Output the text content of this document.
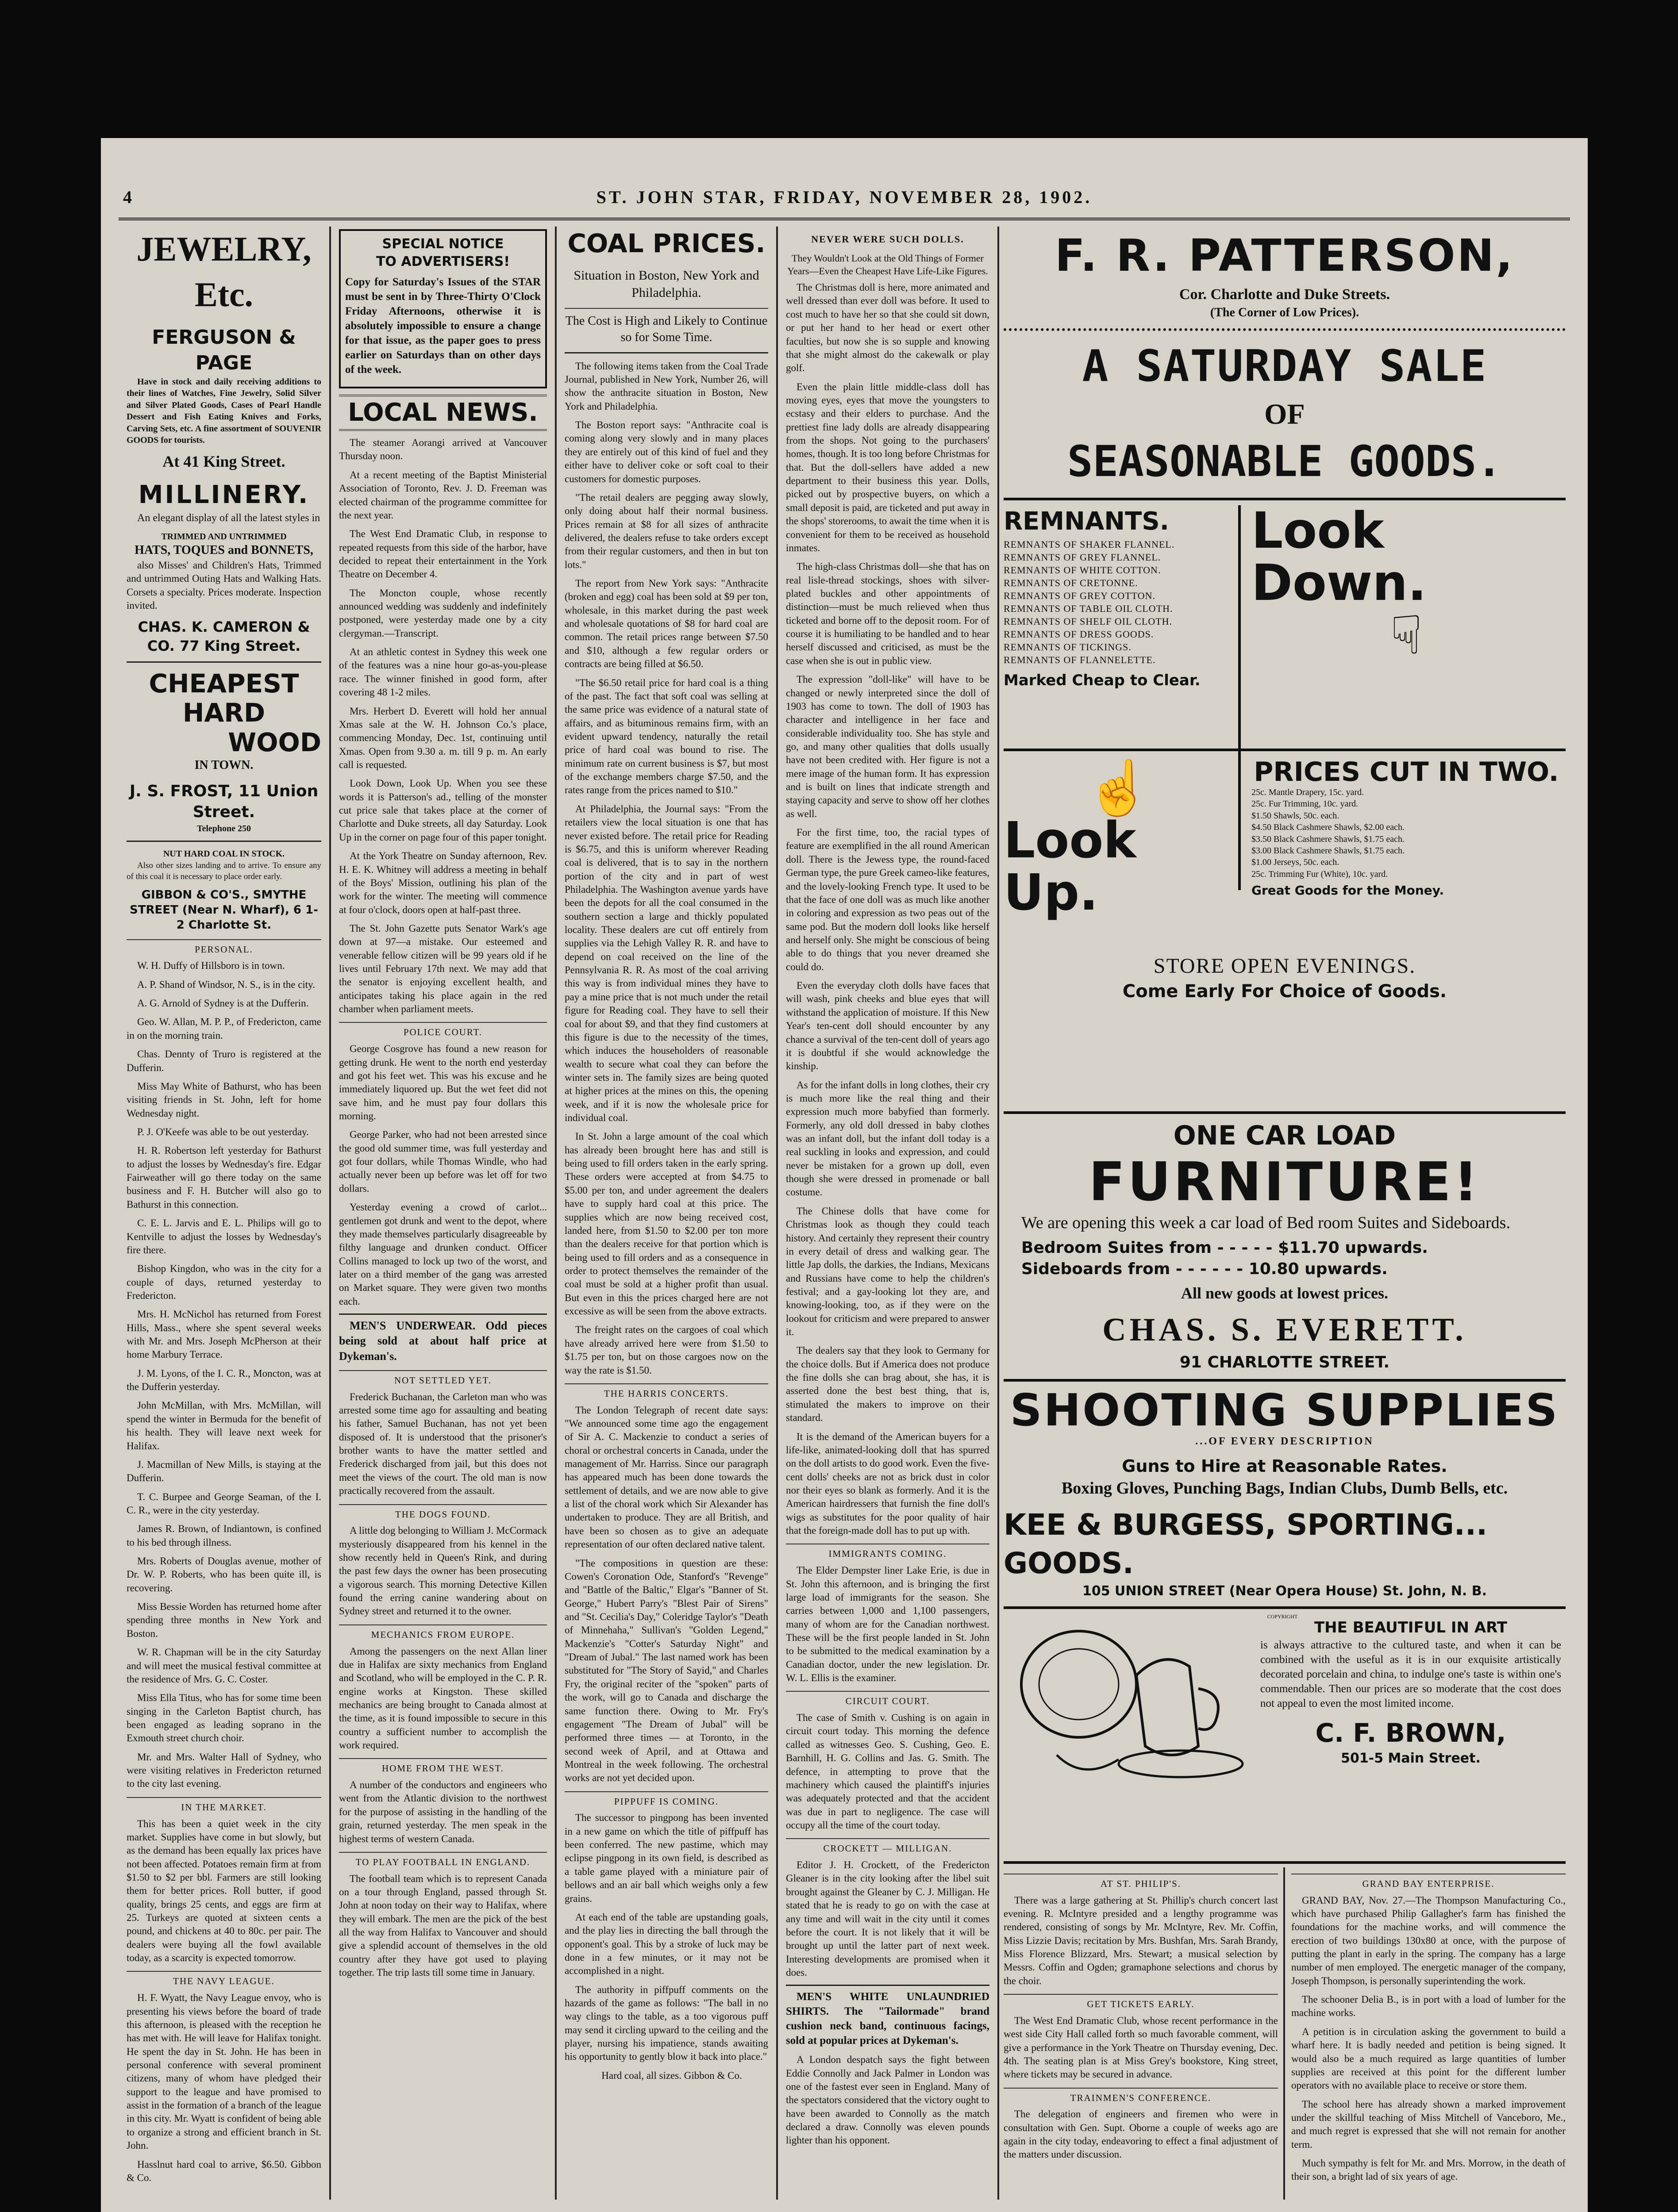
4	ST. JOHN STAR, FRIDAY, NOVEMBER 28, 1902.
JEWELRY, Etc.
FERGUSON & PAGE
Have in stock and daily receiving additions to their lines of Watches, Fine Jewelry, Solid Silver and Silver Plated Goods, Cases of Pearl Handle Dessert and Fish Eating Knives and Forks, Carving Sets, etc. A fine assortment of SOUVENIR GOODS for tourists.
At 41 King Street.
MILLINERY.
An elegant display of all the latest styles in
TRIMMED AND UNTRIMMED
HATS, TOQUES and BONNETS,
also Misses' and Children's Hats, Trimmed and untrimmed Outing Hats and Walking Hats. Corsets a specialty. Prices moderate. Inspection invited.
CHAS. K. CAMERON & CO. 77 King Street.
CHEAPEST
HARD
WOOD
IN TOWN.
J. S. FROST, 11 Union Street.
Telephone 250
NUT HARD COAL IN STOCK.
Also other sizes landing and to arrive. To ensure any of this coal it is necessary to place order early.
GIBBON & CO'S., SMYTHE STREET (Near N. Wharf), 6 1-2 Charlotte St.
PERSONAL.
W. H. Duffy of Hillsboro is in town.
A. P. Shand of Windsor, N. S., is in the city.
A. G. Arnold of Sydney is at the Dufferin.
Geo. W. Allan, M. P. P., of Fredericton, came in on the morning train.
Chas. Dennty of Truro is registered at the Dufferin.
Miss May White of Bathurst, who has been visiting friends in St. John, left for home Wednesday night.
P. J. O'Keefe was able to be out yesterday.
H. R. Robertson left yesterday for Bathurst to adjust the losses by Wednesday's fire. Edgar Fairweather will go there today on the same business and F. H. Butcher will also go to Bathurst in this connection.
C. E. L. Jarvis and E. L. Philips will go to Kentville to adjust the losses by Wednesday's fire there.
Bishop Kingdon, who was in the city for a couple of days, returned yesterday to Fredericton.
Mrs. H. McNichol has returned from Forest Hills, Mass., where she spent several weeks with Mr. and Mrs. Joseph McPherson at their home Marbury Terrace.
J. M. Lyons, of the I. C. R., Moncton, was at the Dufferin yesterday.
John McMillan, with Mrs. McMillan, will spend the winter in Bermuda for the benefit of his health. They will leave next week for Halifax.
J. Macmillan of New Mills, is staying at the Dufferin.
T. C. Burpee and George Seaman, of the I. C. R., were in the city yesterday.
James R. Brown, of Indiantown, is confined to his bed through illness.
Mrs. Roberts of Douglas avenue, mother of Dr. W. P. Roberts, who has been quite ill, is recovering.
Miss Bessie Worden has returned home after spending three months in New York and Boston.
W. R. Chapman will be in the city Saturday and will meet the musical festival committee at the residence of Mrs. G. C. Coster.
Miss Ella Titus, who has for some time been singing in the Carleton Baptist church, has been engaged as leading soprano in the Exmouth street church choir.
Mr. and Mrs. Walter Hall of Sydney, who were visiting relatives in Fredericton returned to the city last evening.
IN THE MARKET.
This has been a quiet week in the city market. Supplies have come in but slowly, but as the demand has been equally lax prices have not been affected. Potatoes remain firm at from $1.50 to $2 per bbl. Farmers are still looking them for better prices. Roll butter, if good quality, brings 25 cents, and eggs are firm at 25. Turkeys are quoted at sixteen cents a pound, and chickens at 40 to 80c. per pair. The dealers were buying all the fowl available today, as a scarcity is expected tomorrow.
THE NAVY LEAGUE.
H. F. Wyatt, the Navy League envoy, who is presenting his views before the board of trade this afternoon, is pleased with the reception he has met with. He will leave for Halifax tonight. He spent the day in St. John. He has been in personal conference with several prominent citizens, many of whom have pledged their support to the league and have promised to assist in the formation of a branch of the league in this city. Mr. Wyatt is confident of being able to organize a strong and efficient branch in St. John.
Hasslnut hard coal to arrive, $6.50. Gibbon & Co.
SPECIAL NOTICE
TO ADVERTISERS!
Copy for Saturday's Issues of the STAR must be sent in by Three-Thirty O'Clock Friday Afternoons, otherwise it is absolutely impossible to ensure a change for that issue, as the paper goes to press earlier on Saturdays than on other days of the week.
LOCAL NEWS.
The steamer Aorangi arrived at Vancouver Thursday noon.
At a recent meeting of the Baptist Ministerial Association of Toronto, Rev. J. D. Freeman was elected chairman of the programme committee for the next year.
The West End Dramatic Club, in response to repeated requests from this side of the harbor, have decided to repeat their entertainment in the York Theatre on December 4.
The Moncton couple, whose recently announced wedding was suddenly and indefinitely postponed, were yesterday made one by a city clergyman.—Transcript.
At an athletic contest in Sydney this week one of the features was a nine hour go-as-you-please race. The winner finished in good form, after covering 48 1-2 miles.
Mrs. Herbert D. Everett will hold her annual Xmas sale at the W. H. Johnson Co.'s place, commencing Monday, Dec. 1st, continuing until Xmas. Open from 9.30 a. m. till 9 p. m. An early call is requested.
Look Down, Look Up. When you see these words it is Patterson's ad., telling of the monster cut price sale that takes place at the corner of Charlotte and Duke streets, all day Saturday. Look Up in the corner on page four of this paper tonight.
At the York Theatre on Sunday afternoon, Rev. H. E. K. Whitney will address a meeting in behalf of the Boys' Mission, outlining his plan of the work for the winter. The meeting will commence at four o'clock, doors open at half-past three.
The St. John Gazette puts Senator Wark's age down at 97—a mistake. Our esteemed and venerable fellow citizen will be 99 years old if he lives until February 17th next. We may add that the senator is enjoying excellent health, and anticipates taking his place again in the red chamber when parliament meets.
POLICE COURT.
George Cosgrove has found a new reason for getting drunk. He went to the north end yesterday and got his feet wet. This was his excuse and he immediately liquored up. But the wet feet did not save him, and he must pay four dollars this morning.
George Parker, who had not been arrested since the good old summer time, was full yesterday and got four dollars, while Thomas Windle, who had actually never been up before was let off for two dollars.
Yesterday evening a crowd of carlot... gentlemen got drunk and went to the depot, where they made themselves particularly disagreeable by filthy language and drunken conduct. Officer Collins managed to lock up two of the worst, and later on a third member of the gang was arrested on Market square. They were given two months each.
MEN'S UNDERWEAR. Odd pieces being sold at about half price at Dykeman's.
NOT SETTLED YET.
Frederick Buchanan, the Carleton man who was arrested some time ago for assaulting and beating his father, Samuel Buchanan, has not yet been disposed of. It is understood that the prisoner's brother wants to have the matter settled and Frederick discharged from jail, but this does not meet the views of the court. The old man is now practically recovered from the assault.
THE DOGS FOUND.
A little dog belonging to William J. McCormack mysteriously disappeared from his kennel in the show recently held in Queen's Rink, and during the past few days the owner has been prosecuting a vigorous search. This morning Detective Killen found the erring canine wandering about on Sydney street and returned it to the owner.
MECHANICS FROM EUROPE.
Among the passengers on the next Allan liner due in Halifax are sixty mechanics from England and Scotland, who will be employed in the C. P. R. engine works at Kingston. These skilled mechanics are being brought to Canada almost at the time, as it is found impossible to secure in this country a sufficient number to accomplish the work required.
HOME FROM THE WEST.
A number of the conductors and engineers who went from the Atlantic division to the northwest for the purpose of assisting in the handling of the grain, returned yesterday. The men speak in the highest terms of western Canada.
TO PLAY FOOTBALL IN ENGLAND.
The football team which is to represent Canada on a tour through England, passed through St. John at noon today on their way to Halifax, where they will embark. The men are the pick of the best all the way from Halifax to Vancouver and should give a splendid account of themselves in the old country after they have got used to playing together. The trip lasts till some time in January.
COAL PRICES.
Situation in Boston, New York and Philadelphia.
The Cost is High and Likely to Continue so for Some Time.
The following items taken from the Coal Trade Journal, published in New York, Number 26, will show the anthracite situation in Boston, New York and Philadelphia.
The Boston report says: "Anthracite coal is coming along very slowly and in many places they are entirely out of this kind of fuel and they either have to deliver coke or soft coal to their customers for domestic purposes.
"The retail dealers are pegging away slowly, only doing about half their normal business. Prices remain at $8 for all sizes of anthracite delivered, the dealers refuse to take orders except from their regular customers, and then in but ton lots."
The report from New York says: "Anthracite (broken and egg) coal has been sold at $9 per ton, wholesale, in this market during the past week and wholesale quotations of $8 for hard coal are common. The retail prices range between $7.50 and $10, although a few regular orders or contracts are being filled at $6.50.
"The $6.50 retail price for hard coal is a thing of the past. The fact that soft coal was selling at the same price was evidence of a natural state of affairs, and as bituminous remains firm, with an evident upward tendency, naturally the retail price of hard coal was bound to rise. The minimum rate on current business is $7, but most of the exchange members charge $7.50, and the rates range from the prices named to $10."
At Philadelphia, the Journal says: "From the retailers view the local situation is one that has never existed before. The retail price for Reading is $6.75, and this is uniform wherever Reading coal is delivered, that is to say in the northern portion of the city and in part of west Philadelphia. The Washington avenue yards have been the depots for all the coal consumed in the southern section a large and thickly populated locality. These dealers are cut off entirely from supplies via the Lehigh Valley R. R. and have to depend on coal received on the line of the Pennsylvania R. R. As most of the coal arriving this way is from individual mines they have to pay a mine price that is not much under the retail figure for Reading coal. They have to sell their coal for about $9, and that they find customers at this figure is due to the necessity of the times, which induces the householders of reasonable wealth to secure what coal they can before the winter sets in. The family sizes are being quoted at higher prices at the mines on this, the opening week, and if it is now the wholesale price for individual coal.
In St. John a large amount of the coal which has already been brought here has and still is being used to fill orders taken in the early spring. These orders were accepted at from $4.75 to $5.00 per ton, and under agreement the dealers have to supply hard coal at this price. The supplies which are now being received cost, landed here, from $1.50 to $2.00 per ton more than the dealers receive for that portion which is being used to fill orders and as a consequence in order to protect themselves the remainder of the coal must be sold at a higher profit than usual. But even in this the prices charged here are not excessive as will be seen from the above extracts.
The freight rates on the cargoes of coal which have already arrived here were from $1.50 to $1.75 per ton, but on those cargoes now on the way the rate is $1.50.
THE HARRIS CONCERTS.
The London Telegraph of recent date says: "We announced some time ago the engagement of Sir A. C. Mackenzie to conduct a series of choral or orchestral concerts in Canada, under the management of Mr. Harriss. Since our paragraph has appeared much has been done towards the settlement of details, and we are now able to give a list of the choral work which Sir Alexander has undertaken to produce. They are all British, and have been so chosen as to give an adequate representation of our often declared native talent.
"The compositions in question are these: Cowen's Coronation Ode, Stanford's "Revenge" and "Battle of the Baltic," Elgar's "Banner of St. George," Hubert Parry's "Blest Pair of Sirens" and "St. Cecilia's Day," Coleridge Taylor's "Death of Minnehaha," Sullivan's "Golden Legend," Mackenzie's "Cotter's Saturday Night" and "Dream of Jubal." The last named work has been substituted for "The Story of Sayid," and Charles Fry, the original reciter of the "spoken" parts of the work, will go to Canada and discharge the same function there. Owing to Mr. Fry's engagement "The Dream of Jubal" will be performed three times — at Toronto, in the second week of April, and at Ottawa and Montreal in the week following. The orchestral works are not yet decided upon.
PIPPUFF IS COMING.
The successor to pingpong has been invented in a new game on which the title of piffpuff has been conferred. The new pastime, which may eclipse pingpong in its own field, is described as a table game played with a miniature pair of bellows and an air ball which weighs only a few grains.
At each end of the table are upstanding goals, and the play lies in directing the ball through the opponent's goal. This by a stroke of luck may be done in a few minutes, or it may not be accomplished in a night.
The authority in piffpuff comments on the hazards of the game as follows: "The ball in no way clings to the table, as a too vigorous puff may send it circling upward to the ceiling and the player, nursing his impatience, stands awaiting his opportunity to gently blow it back into place."
Hard coal, all sizes. Gibbon & Co.
NEVER WERE SUCH DOLLS.
They Wouldn't Look at the Old Things of Former Years—Even the Cheapest Have Life-Like Figures.
The Christmas doll is here, more animated and well dressed than ever doll was before. It used to cost much to have her so that she could sit down, or put her hand to her head or exert other faculties, but now she is so supple and knowing that she might almost do the cakewalk or play golf.
Even the plain little middle-class doll has moving eyes, eyes that move the youngsters to ecstasy and their elders to purchase. And the prettiest fine lady dolls are already disappearing from the shops. Not going to the purchasers' homes, though. It is too long before Christmas for that. But the doll-sellers have added a new department to their business this year. Dolls, picked out by prospective buyers, on which a small deposit is paid, are ticketed and put away in the shops' storerooms, to await the time when it is convenient for them to be received as household inmates.
The high-class Christmas doll—she that has on real lisle-thread stockings, shoes with silver-plated buckles and other appointments of distinction—must be much relieved when thus ticketed and borne off to the deposit room. For of course it is humiliating to be handled and to hear herself discussed and criticised, as must be the case when she is out in public view.
The expression "doll-like" will have to be changed or newly interpreted since the doll of 1903 has come to town. The doll of 1903 has character and intelligence in her face and considerable individuality too. She has style and go, and many other qualities that dolls usually have not been credited with. Her figure is not a mere image of the human form. It has expression and is built on lines that indicate strength and staying capacity and serve to show off her clothes as well.
For the first time, too, the racial types of feature are exemplified in the all round American doll. There is the Jewess type, the round-faced German type, the pure Greek cameo-like features, and the lovely-looking French type. It used to be that the face of one doll was as much like another in coloring and expression as two peas out of the same pod. But the modern doll looks like herself and herself only. She might be conscious of being able to do things that you never dreamed she could do.
Even the everyday cloth dolls have faces that will wash, pink cheeks and blue eyes that will withstand the application of moisture. If this New Year's ten-cent doll should encounter by any chance a survival of the ten-cent doll of years ago it is doubtful if she would acknowledge the kinship.
As for the infant dolls in long clothes, their cry is much more like the real thing and their expression much more babyfied than formerly. Formerly, any old doll dressed in baby clothes was an infant doll, but the infant doll today is a real suckling in looks and expression, and could never be mistaken for a grown up doll, even though she were dressed in promenade or ball costume.
The Chinese dolls that have come for Christmas look as though they could teach history. And certainly they represent their country in every detail of dress and walking gear. The little Jap dolls, the darkies, the Indians, Mexicans and Russians have come to help the children's festival; and a gay-looking lot they are, and knowing-looking, too, as if they were on the lookout for criticism and were prepared to answer it.
The dealers say that they look to Germany for the choice dolls. But if America does not produce the fine dolls she can brag about, she has, it is asserted done the best best thing, that is, stimulated the makers to improve on their standard.
It is the demand of the American buyers for a life-like, animated-looking doll that has spurred on the doll artists to do good work. Even the five-cent dolls' cheeks are not as brick dust in color nor their eyes so blank as formerly. And it is the American hairdressers that furnish the fine doll's wigs as substitutes for the poor quality of hair that the foreign-made doll has to put up with.
IMMIGRANTS COMING.
The Elder Dempster liner Lake Erie, is due in St. John this afternoon, and is bringing the first large load of immigrants for the season. She carries between 1,000 and 1,100 passengers, many of whom are for the Canadian northwest. These will be the first people landed in St. John to be submitted to the medical examination by a Canadian doctor, under the new legislation. Dr. W. L. Ellis is the examiner.
CIRCUIT COURT.
The case of Smith v. Cushing is on again in circuit court today. This morning the defence called as witnesses Geo. S. Cushing, Geo. E. Barnhill, H. G. Collins and Jas. G. Smith. The defence, in attempting to prove that the machinery which caused the plaintiff's injuries was adequately protected and that the accident was due in part to negligence. The case will occupy all the time of the court today.
CROCKETT — MILLIGAN.
Editor J. H. Crockett, of the Fredericton Gleaner is in the city looking after the libel suit brought against the Gleaner by C. J. Milligan. He stated that he is ready to go on with the case at any time and will wait in the city until it comes before the court. It is not likely that it will be brought up until the latter part of next week. Interesting developments are promised when it does.
MEN'S WHITE UNLAUNDRIED SHIRTS. The "Tailormade" brand cushion neck band, continuous facings, sold at popular prices at Dykeman's.
A London despatch says the fight between Eddie Connolly and Jack Palmer in London was one of the fastest ever seen in England. Many of the spectators considered that the victory ought to have been awarded to Connolly as the match declared a draw. Connolly was eleven pounds lighter than his opponent.
F. R. PATTERSON,
Cor. Charlotte and Duke Streets.
(The Corner of Low Prices).
A SATURDAY SALE
OF
SEASONABLE GOODS.
REMNANTS.
REMNANTS OF SHAKER FLANNEL.
REMNANTS OF GREY FLANNEL.
REMNANTS OF WHITE COTTON.
REMNANTS OF CRETONNE.
REMNANTS OF GREY COTTON.
REMNANTS OF TABLE OIL CLOTH.
REMNANTS OF SHELF OIL CLOTH.
REMNANTS OF DRESS GOODS.
REMNANTS OF TICKINGS.
REMNANTS OF FLANNELETTE.
Marked Cheap to Clear.
Look Down.
☟
☝
Look Up.
PRICES CUT IN TWO.
25c. Mantle Drapery, 15c. yard.
25c. Fur Trimming, 10c. yard.
$1.50 Shawls, 50c. each.
$4.50 Black Cashmere Shawls, $2.00 each.
$3.50 Black Cashmere Shawls, $1.75 each.
$3.00 Black Cashmere Shawls, $1.75 each.
$1.00 Jerseys, 50c. each.
25c. Trimming Fur (White), 10c. yard.
Great Goods for the Money.
STORE OPEN EVENINGS.
Come Early For Choice of Goods.
ONE CAR LOAD
FURNITURE!
We are opening this week a car load of Bed room Suites and Sideboards.
Bedroom Suites from - - - - - $11.70 upwards.
Sideboards from - - - - - - 10.80 upwards.
All new goods at lowest prices.
CHAS. S. EVERETT.
91 CHARLOTTE STREET.
SHOOTING SUPPLIES
...OF EVERY DESCRIPTION
Guns to Hire at Reasonable Rates.
Boxing Gloves, Punching Bags, Indian Clubs, Dumb Bells, etc.
KEE & BURGESS, SPORTING... GOODS.
105 UNION STREET (Near Opera House) St. John, N. B.
COPYRIGHT
THE BEAUTIFUL IN ART
is always attractive to the cultured taste, and when it can be combined with the useful as it is in our exquisite artistically decorated porcelain and china, to indulge one's taste is within one's commendable. Then our prices are so moderate that the cost does not appeal to even the most limited income.
C. F. BROWN,
501-5 Main Street.
AT ST. PHILIP'S.
There was a large gathering at St. Phillip's church concert last evening. R. McIntyre presided and a lengthy programme was rendered, consisting of songs by Mr. McIntyre, Rev. Mr. Coffin, Miss Lizzie Davis; recitation by Mrs. Bushfan, Mrs. Sarah Brandy, Miss Florence Blizzard, Mrs. Stewart; a musical selection by Messrs. Coffin and Ogden; gramaphone selections and chorus by the choir.
GET TICKETS EARLY.
The West End Dramatic Club, whose recent performance in the west side City Hall called forth so much favorable comment, will give a performance in the York Theatre on Thursday evening, Dec. 4th. The seating plan is at Miss Grey's bookstore, King street, where tickets may be secured in advance.
TRAINMEN'S CONFERENCE.
The delegation of engineers and firemen who were in consultation with Gen. Supt. Oborne a couple of weeks ago are again in the city today, endeavoring to effect a final adjustment of the matters under discussion.
GRAND BAY ENTERPRISE.
GRAND BAY, Nov. 27.—The Thompson Manufacturing Co., which have purchased Philip Gallagher's farm has finished the foundations for the machine works, and will commence the erection of two buildings 130x80 at once, with the purpose of putting the plant in early in the spring. The company has a large number of men employed. The energetic manager of the company, Joseph Thompson, is personally superintending the work.
The schooner Delia B., is in port with a load of lumber for the machine works.
A petition is in circulation asking the government to build a wharf here. It is badly needed and petition is being signed. It would also be a much required as large quantities of lumber supplies are received at this point for the different lumber operators with no available place to receive or store them.
The school here has already shown a marked improvement under the skillful teaching of Miss Mitchell of Vanceboro, Me., and much regret is expressed that she will not remain for another term.
Much sympathy is felt for Mr. and Mrs. Morrow, in the death of their son, a bright lad of six years of age.
